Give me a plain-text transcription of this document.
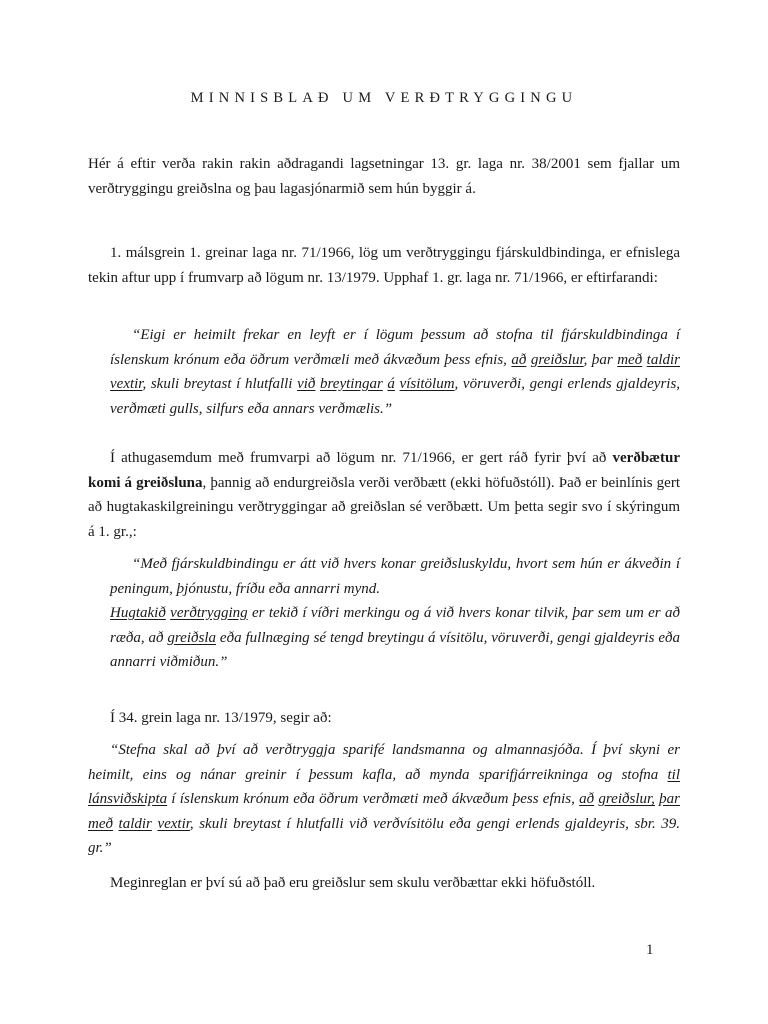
MINNISBLAÐ UM VERÐTRYGGINGU

Hér á eftir verða rakin rakin aðdragandi lagsetningar 13. gr. laga nr. 38/2001 sem fjallar um verðtryggingu greiðslna og þau lagasjónarmið sem hún byggir á.

1. málsgrein 1. greinar laga nr. 71/1966, lög um verðtryggingu fjárskuldbindinga, er efnislega tekin aftur upp í frumvarp að lögum nr. 13/1979. Upphaf 1. gr. laga nr. 71/1966, er eftirfarandi:

“Eigi er heimilt frekar en leyft er í lögum þessum að stofna til fjárskuldbindinga í íslenskum krónum eða öðrum verðmæli með ákvæðum þess efnis, að greiðslur, þar með taldir vextir, skuli breytast í hlutfalli við breytingar á vísitölum, vöruverði, gengi erlends gjaldeyris, verðmæti gulls, silfurs eða annars verðmælis.”

Í athugasemdum með frumvarpi að lögum nr. 71/1966, er gert ráð fyrir því að verðbætur komi á greiðsluna, þannig að endurgreiðsla verði verðbætt (ekki höfuðstóll). Það er beinlínis gert að hugtakaskilgreiningu verðtryggingar að greiðslan sé verðbætt. Um þetta segir svo í skýringum á 1. gr.,:

“Með fjárskuldbindingu er átt við hvers konar greiðsluskyldu, hvort sem hún er ákveðin í peningum, þjónustu, fríðu eða annarri mynd.
Hugtakið verðtrygging er tekið í víðri merkingu og á við hvers konar tilvik, þar sem um er að ræða, að greiðsla eða fullnæging sé tengd breytingu á vísitölu, vöruverði, gengi gjaldeyris eða annarri viðmiðun.”

Í 34. grein laga nr. 13/1979, segir að:

“Stefna skal að því að verðtryggja sparifé landsmanna og almannasjóða. Í því skyni er heimilt, eins og nánar greinir í þessum kafla, að mynda sparifjárreikninga og stofna til lánsviðskipta í íslenskum krónum eða öðrum verðmæti með ákvæðum þess efnis, að greiðslur, þar með taldir vextir, skuli breytast í hlutfalli við verðvísitölu eða gengi erlends gjaldeyris, sbr. 39. gr.”

Meginreglan er því sú að það eru greiðslur sem skulu verðbættar ekki höfuðstóll.

1
